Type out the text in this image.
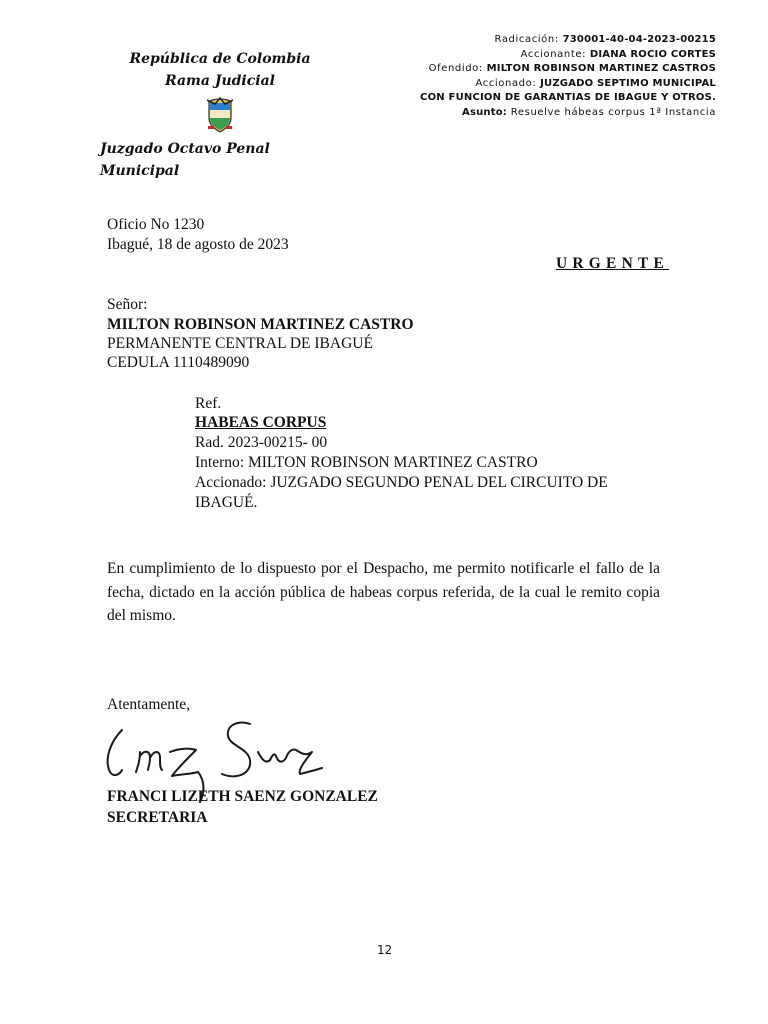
República de Colombia
Rama Judicial
Juzgado Octavo Penal Municipal
Radicación: 730001-40-04-2023-00215
Accionante: DIANA ROCIO CORTES
Ofendido: MILTON ROBINSON MARTINEZ CASTROS
Accionado: JUZGADO SEPTIMO MUNICIPAL
CON FUNCION DE GARANTIAS DE IBAGUE Y OTROS.
Asunto: Resuelve hábeas corpus 1ª Instancia
Oficio No 1230
Ibagué, 18 de agosto de 2023
URGENTE
Señor:
MILTON ROBINSON MARTINEZ CASTRO
PERMANENTE CENTRAL DE IBAGUÉ
CEDULA 1110489090
Ref.
HABEAS CORPUS
Rad. 2023-00215- 00
Interno: MILTON ROBINSON MARTINEZ CASTRO
Accionado: JUZGADO SEGUNDO PENAL DEL CIRCUITO DE
IBAGUÉ.
En cumplimiento de lo dispuesto por el Despacho, me permito notificarle el fallo de la fecha, dictado en la acción pública de habeas corpus referida, de la cual le remito copia del mismo.
Atentamente,
FRANCI LIZETH SAENZ GONZALEZ
SECRETARIA
12
